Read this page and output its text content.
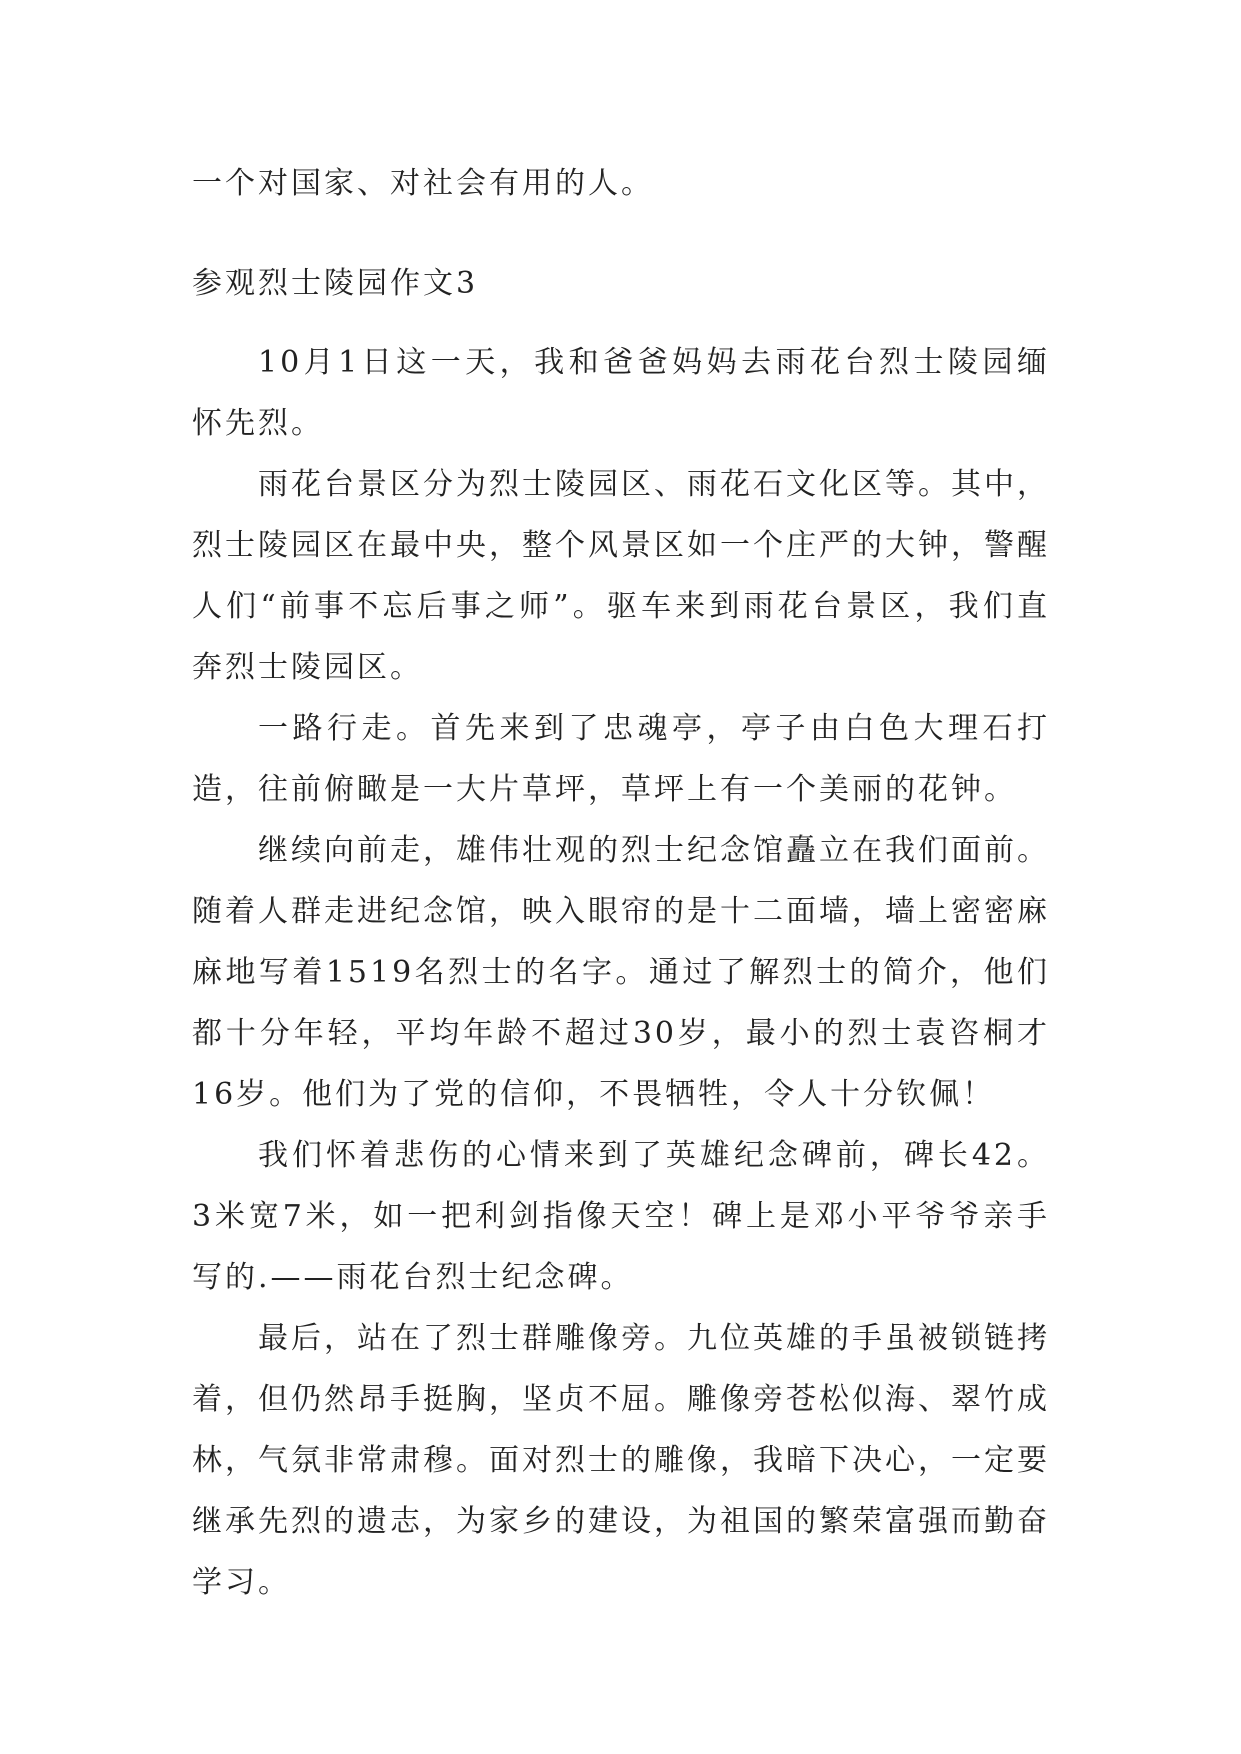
一个对国家、对社会有用的人。

参观烈士陵园作文3

10月1日这一天，我和爸爸妈妈去雨花台烈士陵园缅怀先烈。

雨花台景区分为烈士陵园区、雨花石文化区等。其中，烈士陵园区在最中央，整个风景区如一个庄严的大钟，警醒人们“前事不忘后事之师”。驱车来到雨花台景区，我们直奔烈士陵园区。

一路行走。首先来到了忠魂亭，亭子由白色大理石打造，往前俯瞰是一大片草坪，草坪上有一个美丽的花钟。

继续向前走，雄伟壮观的烈士纪念馆矗立在我们面前。随着人群走进纪念馆，映入眼帘的是十二面墙，墙上密密麻麻地写着1519名烈士的名字。通过了解烈士的简介，他们都十分年轻，平均年龄不超过30岁，最小的烈士袁咨桐才16岁。他们为了党的信仰，不畏牺牲，令人十分钦佩！

我们怀着悲伤的心情来到了英雄纪念碑前，碑长42。3米宽7米，如一把利剑指像天空！碑上是邓小平爷爷亲手写的.——雨花台烈士纪念碑。

最后，站在了烈士群雕像旁。九位英雄的手虽被锁链拷着，但仍然昂手挺胸，坚贞不屈。雕像旁苍松似海、翠竹成林，气氛非常肃穆。面对烈士的雕像，我暗下决心，一定要继承先烈的遗志，为家乡的建设，为祖国的繁荣富强而勤奋学习。
